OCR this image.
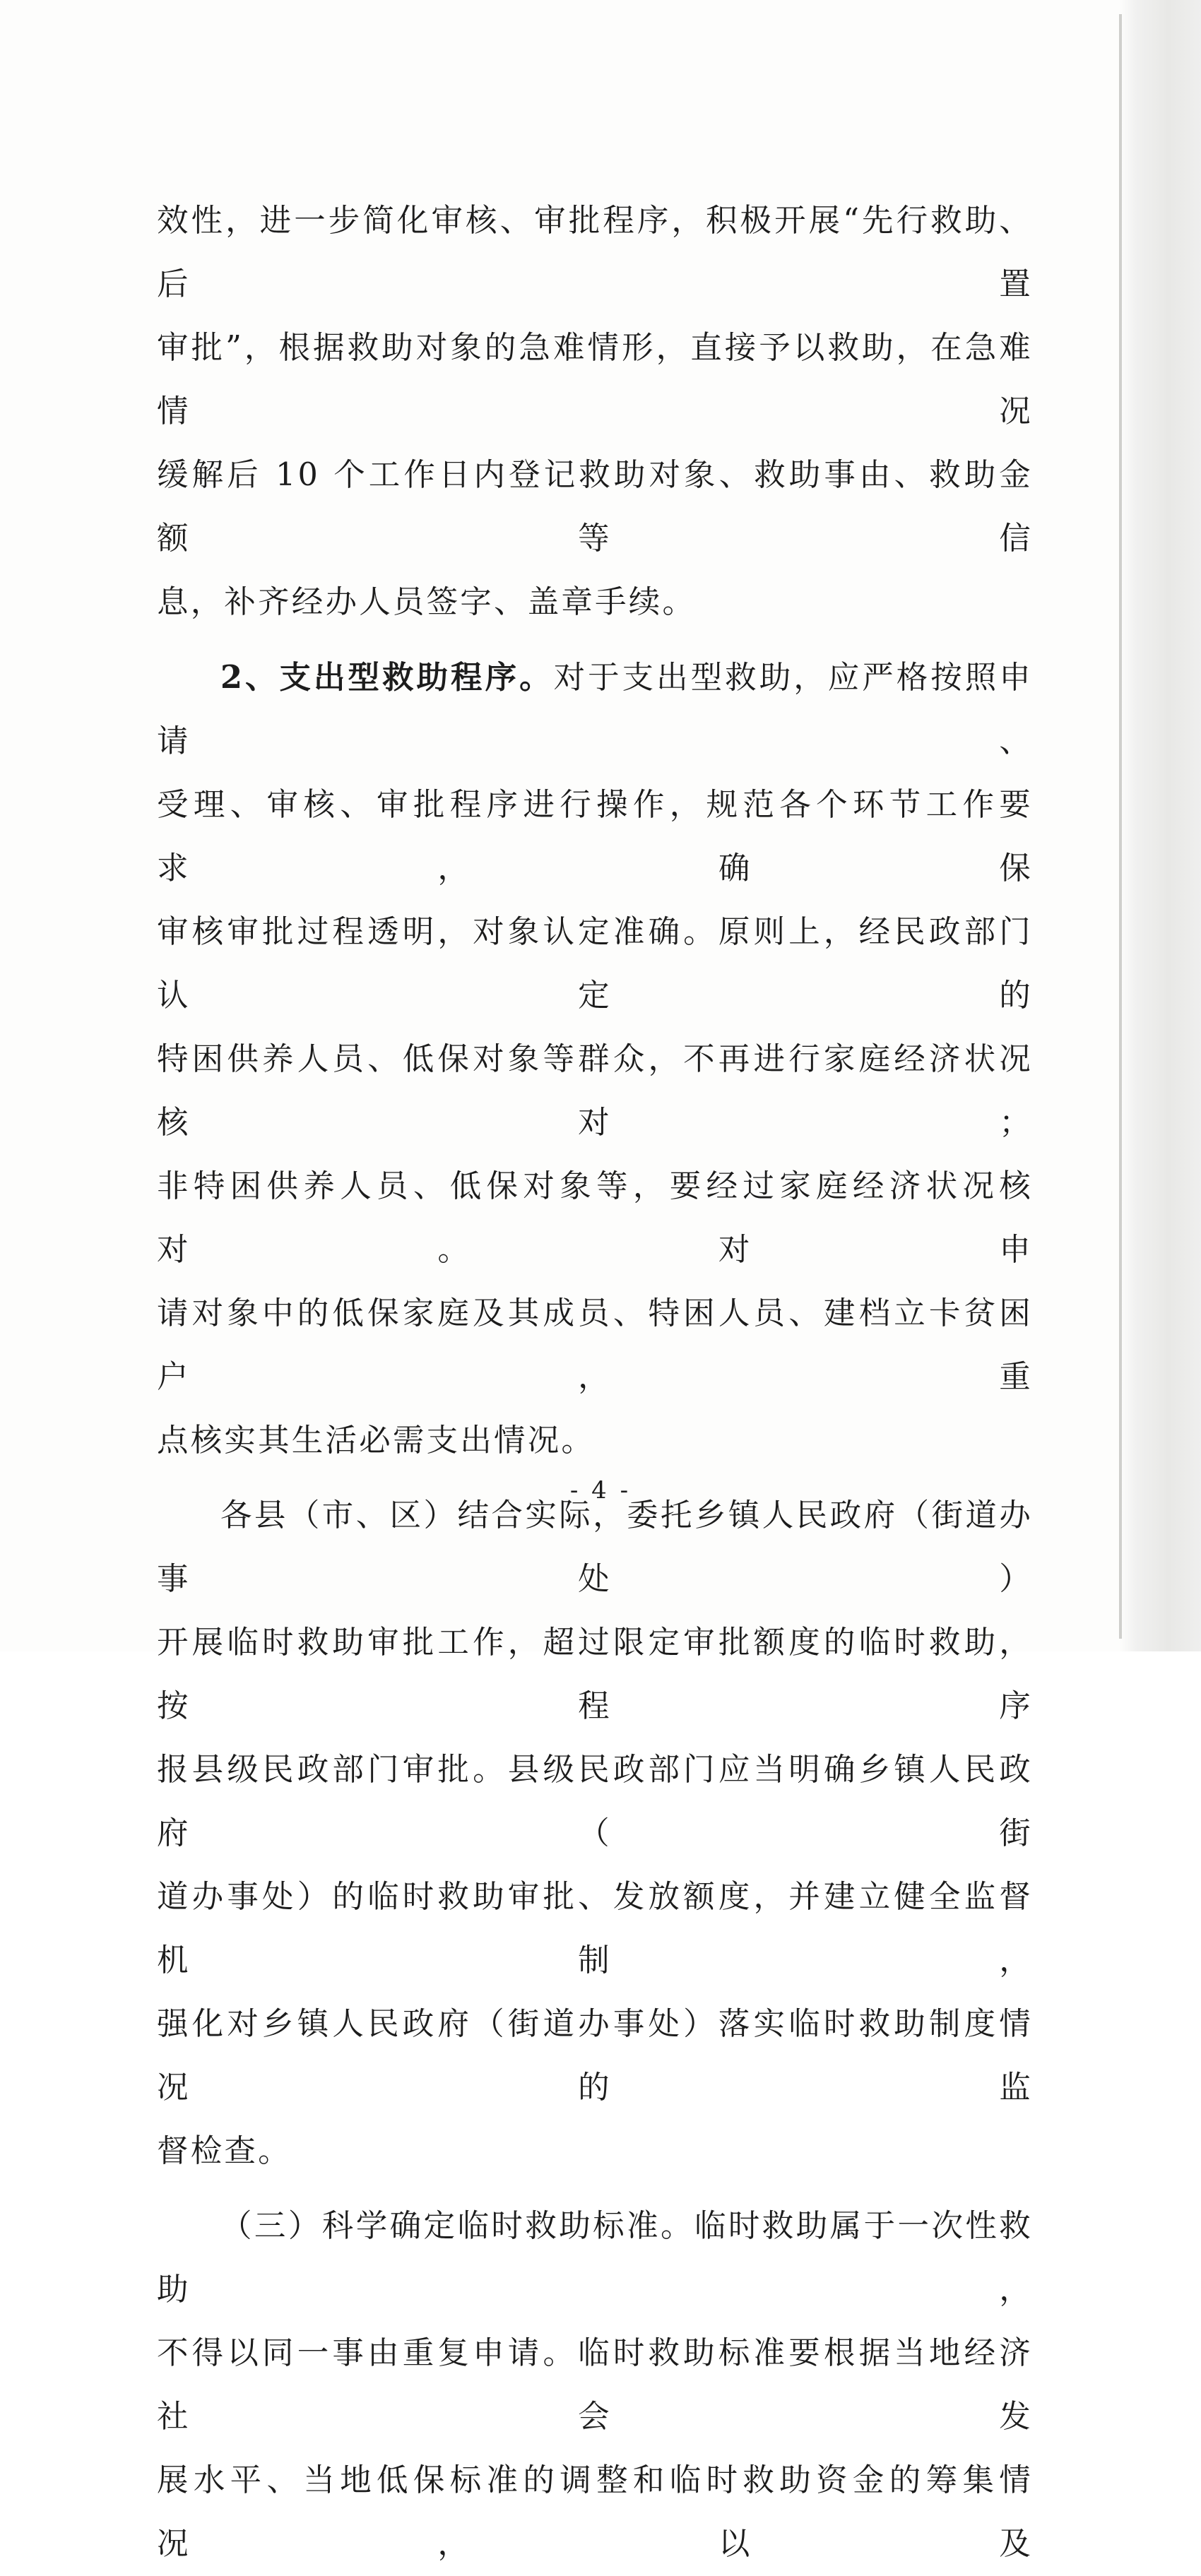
效性，进一步简化审核、审批程序，积极开展“先行救助、后置

审批”，根据救助对象的急难情形，直接予以救助，在急难情况

缓解后 10 个工作日内登记救助对象、救助事由、救助金额等信

息，补齐经办人员签字、盖章手续。

2、支出型救助程序。对于支出型救助，应严格按照申请、

受理、审核、审批程序进行操作，规范各个环节工作要求，确保

审核审批过程透明，对象认定准确。原则上，经民政部门认定的

特困供养人员、低保对象等群众，不再进行家庭经济状况核对；

非特困供养人员、低保对象等，要经过家庭经济状况核对。对申

请对象中的低保家庭及其成员、特困人员、建档立卡贫困户，重

点核实其生活必需支出情况。

各县（市、区）结合实际，委托乡镇人民政府（街道办事处）

开展临时救助审批工作，超过限定审批额度的临时救助，按程序

报县级民政部门审批。县级民政部门应当明确乡镇人民政府（街

道办事处）的临时救助审批、发放额度，并建立健全监督机制，

强化对乡镇人民政府（街道办事处）落实临时救助制度情况的监

督检查。

（三）科学确定临时救助标准。临时救助属于一次性救助，

不得以同一事由重复申请。临时救助标准要根据当地经济社会发

展水平、当地低保标准的调整和临时救助资金的筹集情况，以及

- 4 -
